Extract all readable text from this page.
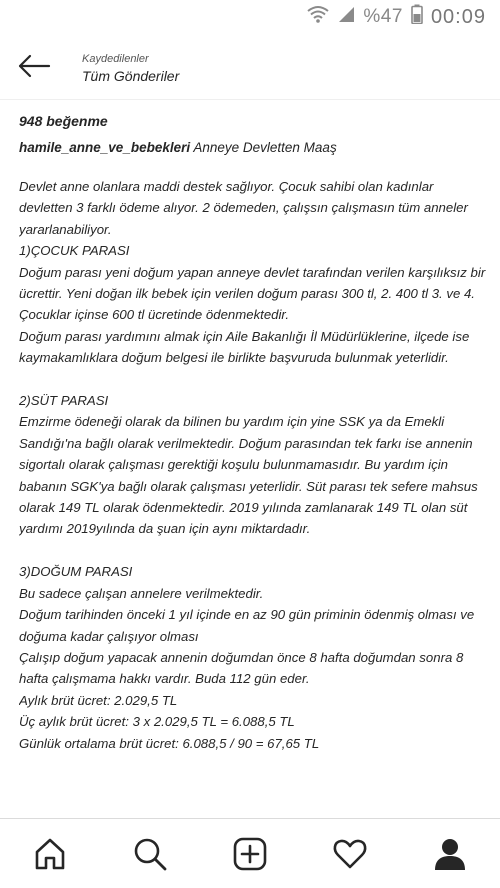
%47 00:09
Kaydedilenler
Tüm Gönderiler
948 beğenme
hamile_anne_ve_bebekleri Anneye Devletten Maaş
Devlet anne olanlara maddi destek sağlıyor. Çocuk sahibi olan kadınlar devletten 3 farklı ödeme alıyor. 2 ödemeden, çalışsın çalışmasın tüm anneler yararlanabiliyor.
1)ÇOCUK PARASI
Doğum parası yeni doğum yapan anneye devlet tarafından verilen karşılıksız bir ücrettir. Yeni doğan ilk bebek için verilen doğum parası 300 tl, 2. 400 tl 3. ve 4. Çocuklar içinse 600 tl ücretinde ödenmektedir.
Doğum parası yardımını almak için Aile Bakanlığı İl Müdürlüklerine, ilçede ise kaymakamlıklara doğum belgesi ile birlikte başvuruda bulunmak yeterlidir.
2)SÜT PARASI
Emzirme ödeneği olarak da bilinen bu yardım için yine SSK ya da Emekli Sandığı'na bağlı olarak verilmektedir. Doğum parasından tek farkı ise annenin sigortalı olarak çalışması gerektiği koşulu bulunmamasıdır. Bu yardım için babanın SGK'ya bağlı olarak çalışması yeterlidir. Süt parası tek sefere mahsus olarak 149 TL olarak ödenmektedir. 2019 yılında zamlanarak 149 TL olan süt yardımı 2019yılında da şuan için aynı miktardadır.
3)DOĞUM PARASI
Bu sadece çalışan annelere verilmektedir.
Doğum tarihinden önceki 1 yıl içinde en az 90 gün priminin ödenmiş olması ve doğuma kadar çalışıyor olması
Çalışıp doğum yapacak annenin doğumdan önce 8 hafta doğumdan sonra 8 hafta çalışmama hakkı vardır. Buda 112 gün eder.
Aylık brüt ücret: 2.029,5 TL
Üç aylık brüt ücret: 3 x 2.029,5 TL = 6.088,5 TL
Günlük ortalama brüt ücret: 6.088,5 / 90 = 67,65 TL
